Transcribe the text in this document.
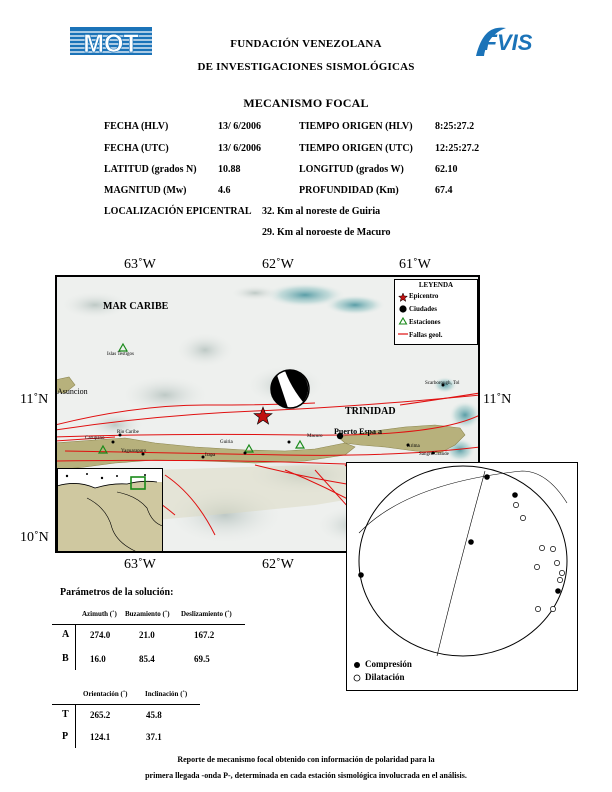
MOT	FVIS
FUNDACIÓN VENEZOLANA
DE INVESTIGACIONES SISMOLÓGICAS
MECANISMO FOCAL
FECHA (HLV)	13/ 6/2006	TIEMPO ORIGEN (HLV) 8:25:27.2
FECHA (UTC)	13/ 6/2006	TIEMPO ORIGEN (UTC) 12:25:27.2
LATITUD (grados N) 10.88	LONGITUD (grados W)	62.10
MAGNITUD (Mw)	4.6	PROFUNDIDAD (Km)	67.4
LOCALIZACIÓN EPICENTRAL 32. Km al noreste de Guiria
29. Km al noroeste de Macuro
63˚W	62˚W	61˚W
63˚W	62˚W
11˚N	11˚N
10˚N
MAR CARIBE
TRINIDAD
Asuncion
Islas Testigos
Rio Caribe
Carupano
Yaguaraparo
Irapa
Guiria
Macuro
Puerto Espa a
Arima
Sangre Grande
Scarborough, Tol
LEYENDA
Epicentro
Ciudades
Estaciones
Fallas geol.
Compresión
Dilatación
Parámetros de la solución:
Azimuth (˚) Buzamiento (˚) Deslizamiento (˚)
A 274.0	21.0	167.2
B 16.0	85.4	69.5
Orientación (˚) Inclinación (˚)
T 265.2	45.8
P 124.1	37.1
Reporte de mecanismo focal obtenido con información de polaridad para la
primera llegada -onda P-, determinada en cada estación sismológica involucrada en el análisis.
